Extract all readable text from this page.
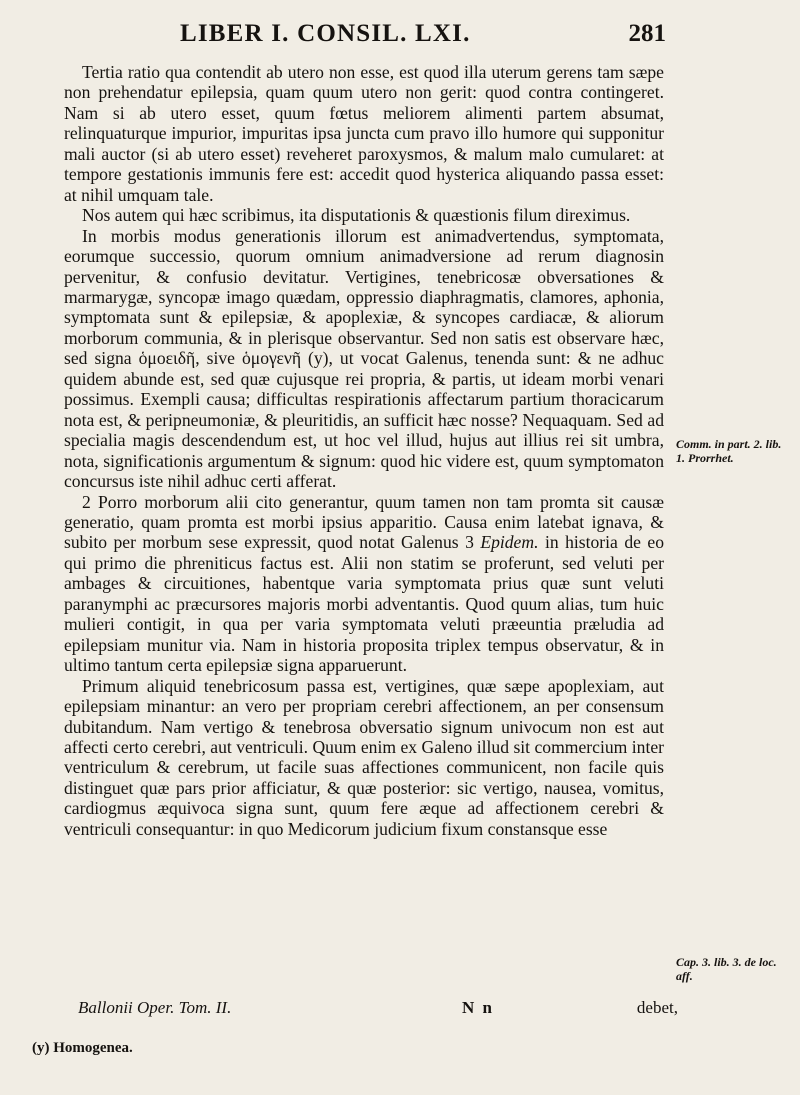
LIBER I. CONSIL. LXI.	281

Tertia ratio qua contendit ab utero non esse, est quod illa uterum gerens tam sæpe non prehendatur epilepsia, quam quum utero non gerit: quod contra contingeret. Nam si ab utero esset, quum fœtus meliorem alimenti partem absumat, relinquaturque impurior, impuritas ipsa juncta cum pravo illo humore qui supponitur mali auctor (si ab utero esset) reveheret paroxysmos, & malum malo cumularet: at tempore gestationis immunis fere est: accedit quod hysterica aliquando passa esset: at nihil umquam tale.

Nos autem qui hæc scribimus, ita disputationis & quæstionis filum direximus.

In morbis modus generationis illorum est animadvertendus, symptomata, eorumque successio, quorum omnium animadversione ad rerum diagnosin pervenitur, & confusio devitatur. Vertigines, tenebricosæ obversationes & marmarygæ, syncopæ imago quædam, oppressio diaphragmatis, clamores, aphonia, symptomata sunt & epilepsiæ, & apoplexiæ, & syncopes cardiacæ, & aliorum morborum communia, & in plerisque observantur. Sed non satis est observare hæc, sed signa ὁμοειδῆ, sive ὁμογενῆ (y), ut vocat Galenus, tenenda sunt: & ne adhuc quidem abunde est, sed quæ cujusque rei propria, & partis, ut ideam morbi venari possimus. Exempli causa; difficultas respirationis affectarum partium thoracicarum nota est, & peripneumoniæ, & pleuritidis, an sufficit hæc nosse? Nequaquam. Sed ad specialia magis descendendum est, ut hoc vel illud, hujus aut illius rei sit umbra, nota, significationis argumentum & signum: quod hic videre est, quum symptomaton concursus iste nihil adhuc certi afferat.

2 Porro morborum alii cito generantur, quum tamen non tam promta sit causæ generatio, quam promta est morbi ipsius apparitio. Causa enim latebat ignava, & subito per morbum sese expressit, quod notat Galenus 3 Epidem. in historia de eo qui primo die phreniticus factus est. Alii non statim se proferunt, sed veluti per ambages & circuitiones, habentque varia symptomata prius quæ sunt veluti paranymphi ac præcursores majoris morbi adventantis. Quod quum alias, tum huic mulieri contigit, in qua per varia symptomata veluti præeuntia præludia ad epilepsiam munitur via. Nam in historia proposita triplex tempus observatur, & in ultimo tantum certa epilepsiæ signa apparuerunt.

Primum aliquid tenebricosum passa est, vertigines, quæ sæpe apoplexiam, aut epilepsiam minantur: an vero per propriam cerebri affectionem, an per consensum dubitandum. Nam vertigo & tenebrosa obversatio signum univocum non est aut affecti certo cerebri, aut ventriculi. Quum enim ex Galeno illud sit commercium inter ventriculum & cerebrum, ut facile suas affectiones communicent, non facile quis distinguet quæ pars prior afficiatur, & quæ posterior: sic vertigo, nausea, vomitus, cardiogmus æquivoca signa sunt, quum fere æque ad affectionem cerebri & ventriculi consequantur: in quo Medicorum judicium fixum constansque esse

Comm. in part. 2. lib. 1. Prorrhet.
Cap. 3. lib. 3. de loc. aff.
Ballonii Oper. Tom. II.	N n	debet,
(y) Homogenea.
